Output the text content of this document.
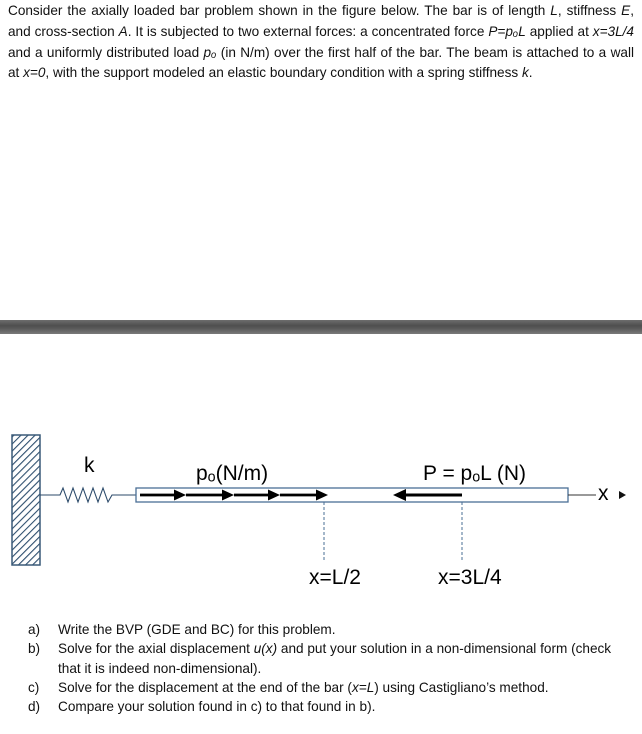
Consider the axially loaded bar problem shown in the figure below. The bar is of length L, stiffness E, and cross-section A. It is subjected to two external forces: a concentrated force P=pₒL applied at x=3L/4 and a uniformly distributed load pₒ (in N/m) over the first half of the bar. The beam is attached to a wall at x=0, with the support modeled an elastic boundary condition with a spring stiffness k.

k	pₒ(N/m)	P = pₒL (N)
x
x=L/2	x=3L/4
a) Write the BVP (GDE and BC) for this problem.
b) Solve for the axial displacement u(x) and put your solution in a non-dimensional form (check that it is indeed non-dimensional).
c) Solve for the displacement at the end of the bar (x=L) using Castigliano’s method.
d) Compare your solution found in c) to that found in b).
